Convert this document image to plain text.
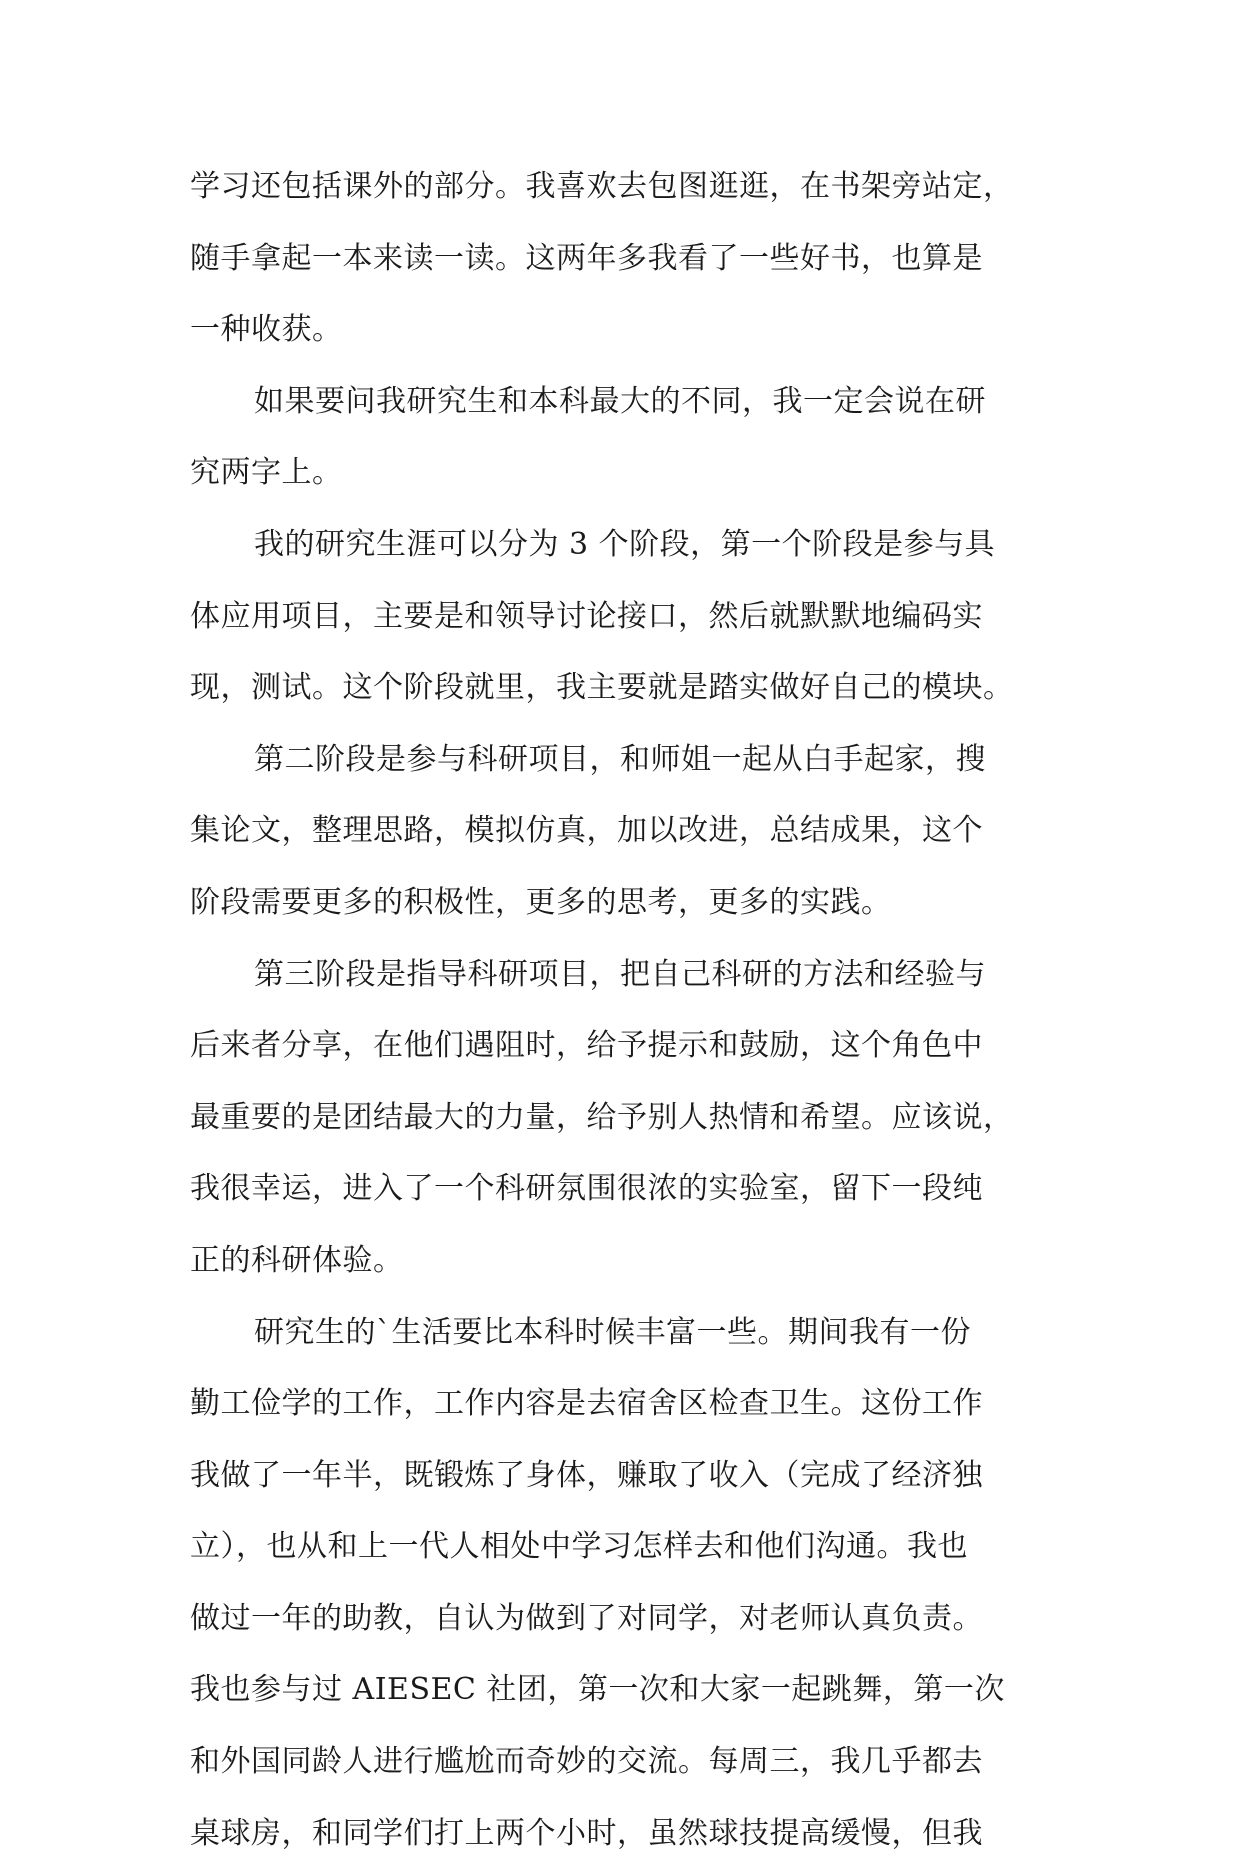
学习还包括课外的部分。我喜欢去包图逛逛，在书架旁站定，
随手拿起一本来读一读。这两年多我看了一些好书，也算是
一种收获。
如果要问我研究生和本科最大的不同，我一定会说在研
究两字上。
我的研究生涯可以分为 3 个阶段，第一个阶段是参与具
体应用项目，主要是和领导讨论接口，然后就默默地编码实
现，测试。这个阶段就里，我主要就是踏实做好自己的模块。
第二阶段是参与科研项目，和师姐一起从白手起家，搜
集论文，整理思路，模拟仿真，加以改进，总结成果，这个
阶段需要更多的积极性，更多的思考，更多的实践。
第三阶段是指导科研项目，把自己科研的方法和经验与
后来者分享，在他们遇阻时，给予提示和鼓励，这个角色中
最重要的是团结最大的力量，给予别人热情和希望。应该说，
我很幸运，进入了一个科研氛围很浓的实验室，留下一段纯
正的科研体验。
研究生的`生活要比本科时候丰富一些。期间我有一份
勤工俭学的工作，工作内容是去宿舍区检查卫生。这份工作
我做了一年半，既锻炼了身体，赚取了收入（完成了经济独
立），也从和上一代人相处中学习怎样去和他们沟通。我也
做过一年的助教，自认为做到了对同学，对老师认真负责。
我也参与过 AIESEC 社团，第一次和大家一起跳舞，第一次
和外国同龄人进行尴尬而奇妙的交流。每周三，我几乎都去
桌球房，和同学们打上两个小时，虽然球技提高缓慢，但我
